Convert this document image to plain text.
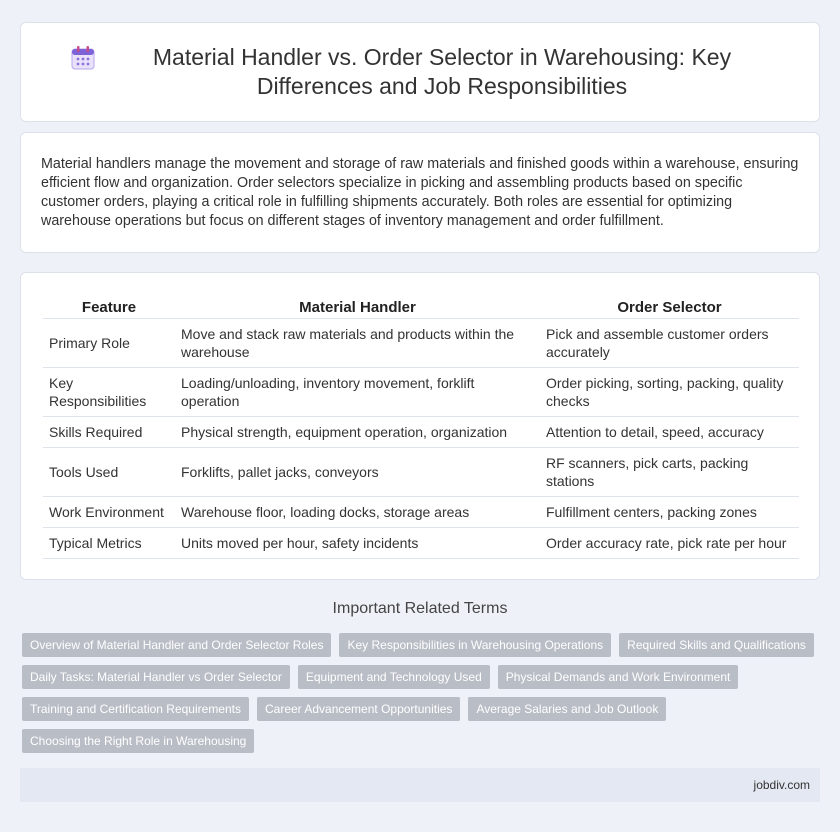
Material Handler vs. Order Selector in Warehousing: Key Differences and Job Responsibilities

Material handlers manage the movement and storage of raw materials and finished goods within a warehouse, ensuring efficient flow and organization. Order selectors specialize in picking and assembling products based on specific customer orders, playing a critical role in fulfilling shipments accurately. Both roles are essential for optimizing warehouse operations but focus on different stages of inventory management and order fulfillment.

Feature	Material Handler	Order Selector
Primary Role	Move and stack raw materials and products within the warehouse	Pick and assemble customer orders accurately
Key Responsibilities	Loading/unloading, inventory movement, forklift operation	Order picking, sorting, packing, quality checks
Skills Required	Physical strength, equipment operation, organization	Attention to detail, speed, accuracy
Tools Used	Forklifts, pallet jacks, conveyors	RF scanners, pick carts, packing stations
Work Environment	Warehouse floor, loading docks, storage areas	Fulfillment centers, packing zones
Typical Metrics	Units moved per hour, safety incidents	Order accuracy rate, pick rate per hour
Important Related Terms
Overview of Material Handler and Order Selector Roles	Key Responsibilities in Warehousing Operations	Required Skills and Qualifications
Daily Tasks: Material Handler vs Order Selector	Equipment and Technology Used	Physical Demands and Work Environment
Training and Certification Requirements	Career Advancement Opportunities	Average Salaries and Job Outlook
Choosing the Right Role in Warehousing
jobdiv.com
